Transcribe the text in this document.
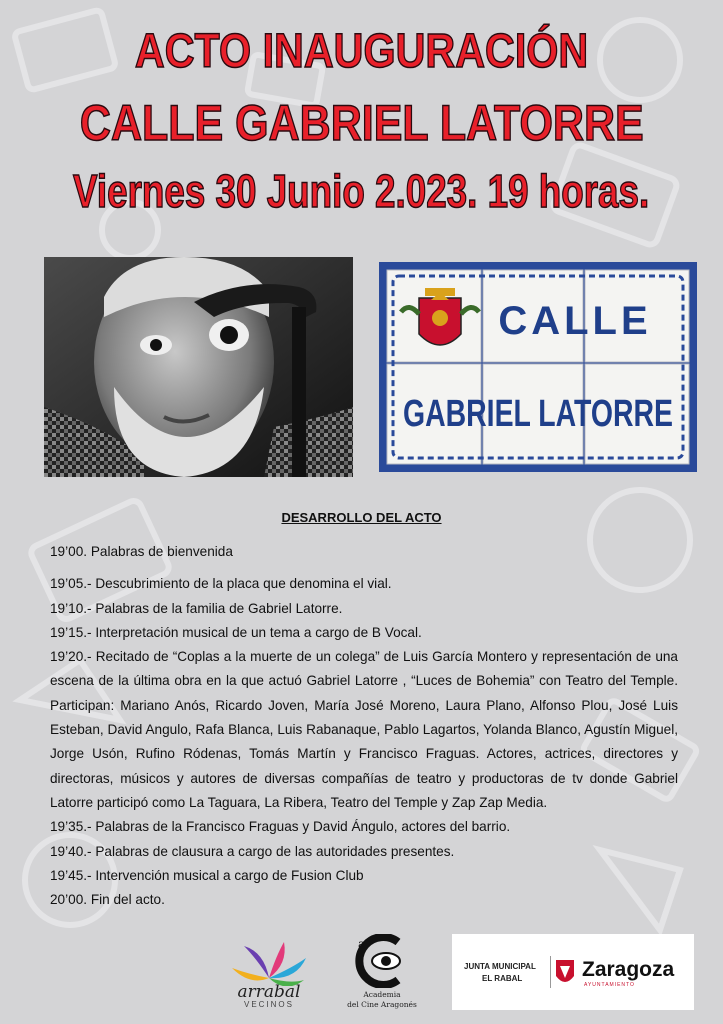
ACTO INAUGURACIÓN
CALLE GABRIEL LATORRE
Viernes 30 Junio 2.023. 19 horas.
CALLE
GABRIEL LATORRE
DESARROLLO DEL ACTO

19’00. Palabras de bienvenida

19’05.- Descubrimiento de la placa que denomina el vial.

19’10.- Palabras de la familia de Gabriel Latorre.

19’15.- Interpretación musical de un tema a cargo de B Vocal.

19’20.- Recitado de “Coplas a la muerte de un colega” de Luis García Montero y representación de una escena de la última obra en la que actuó Gabriel Latorre , “Luces de Bohemia” con Teatro del Temple. Participan: Mariano Anós, Ricardo Joven, María José Moreno, Laura Plano, Alfonso Plou, José Luis Esteban, David Angulo, Rafa Blanca, Luis Rabanaque, Pablo Lagartos, Yolanda Blanco, Agustín Miguel, Jorge Usón, Rufino Ródenas, Tomás Martín y Francisco Fraguas. Actores, actrices, directores y directoras, músicos y autores de diversas compañías de teatro y productoras de tv donde Gabriel Latorre participó como La Taguara, La Ribera, Teatro del Temple y Zap Zap Media.

19’35.- Palabras de la Francisco Fraguas y David Ángulo, actores del barrio.

19’40.- Palabras de clausura a cargo de las autoridades presentes.

19’45.- Intervención musical a cargo de Fusion Club

20’00. Fin del acto.

arrabal
VECINOS
a
Academia
del Cine Aragonés
JUNTA MUNICIPAL
EL RABAL	Zaragoza
AYUNTAMIENTO
